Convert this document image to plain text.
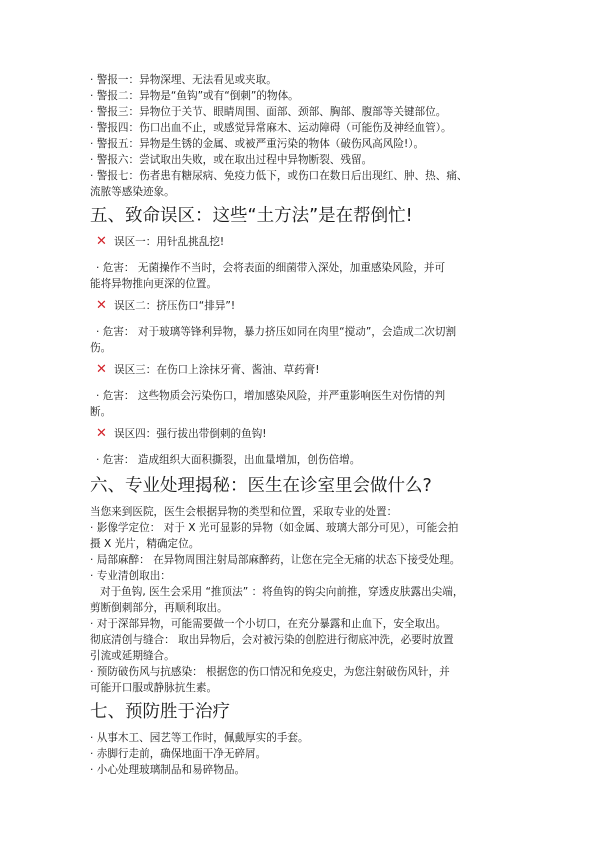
· 警报一：异物深埋、无法看见或夹取。

· 警报二：异物是“鱼钩”或有“倒刺”的物体。

· 警报三：异物位于关节、眼睛周围、面部、颈部、胸部、腹部等关键部位。

· 警报四：伤口出血不止，或感觉异常麻木、运动障碍（可能伤及神经血管）。

· 警报五：异物是生锈的金属、或被严重污染的物体（破伤风高风险!）。

· 警报六：尝试取出失败，或在取出过程中异物断裂、残留。

· 警报七：伤者患有糖尿病、免疫力低下，或伤口在数日后出现红、肿、热、痛、

流脓等感染迹象。

五、致命误区：这些“土方法”是在帮倒忙!
✕ 误区一：用针乱挑乱挖!

· 危害： 无菌操作不当时，会将表面的细菌带入深处，加重感染风险，并可

能将异物推向更深的位置。

✕ 误区二：挤压伤口“排异”!

· 危害： 对于玻璃等锋利异物，暴力挤压如同在肉里“搅动”，会造成二次切割

伤。

✕ 误区三：在伤口上涂抹牙膏、酱油、草药膏!

· 危害： 这些物质会污染伤口，增加感染风险，并严重影响医生对伤情的判

断。

✕ 误区四：强行拔出带倒刺的鱼钩!

· 危害： 造成组织大面积撕裂，出血量增加，创伤倍增。

六、专业处理揭秘：医生在诊室里会做什么?

当您来到医院，医生会根据异物的类型和位置，采取专业的处置：

· 影像学定位： 对于 X 光可显影的异物（如金属、玻璃大部分可见），可能会拍

摄 X 光片，精确定位。

· 局部麻醉： 在异物周围注射局部麻醉药，让您在完全无痛的状态下接受处理。

· 专业清创取出：

对于鱼钩, 医生会采用 “推顶法” ：将鱼钩的钩尖向前推，穿透皮肤露出尖端，

剪断倒刺部分，再顺利取出。

· 对于深部异物，可能需要做一个小切口，在充分暴露和止血下，安全取出。

彻底清创与缝合： 取出异物后，会对被污染的创腔进行彻底冲洗，必要时放置

引流或延期缝合。

· 预防破伤风与抗感染： 根据您的伤口情况和免疫史，为您注射破伤风针，并

可能开口服或静脉抗生素。

七、预防胜于治疗

· 从事木工、园艺等工作时，佩戴厚实的手套。

· 赤脚行走前，确保地面干净无碎屑。

· 小心处理玻璃制品和易碎物品。
